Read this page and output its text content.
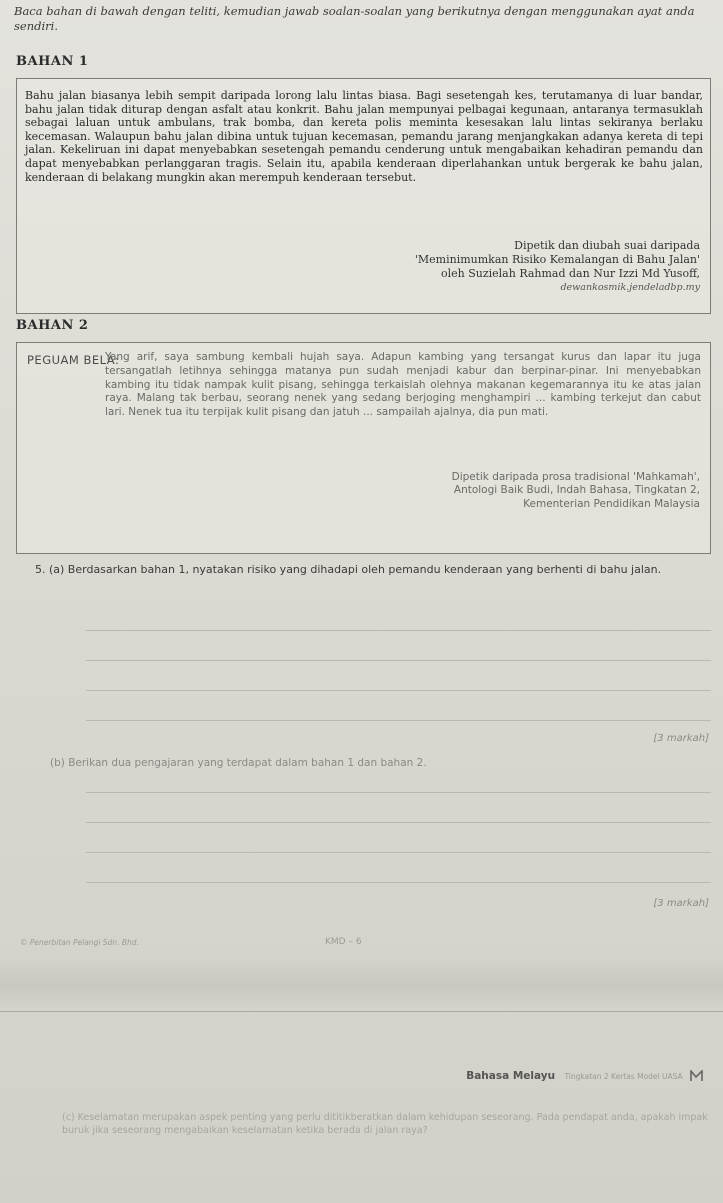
Baca bahan di bawah dengan teliti, kemudian jawab soalan-soalan yang berikutnya dengan menggunakan ayat anda sendiri.
BAHAN 1

Bahu jalan biasanya lebih sempit daripada lorong lalu lintas biasa. Bagi sesetengah kes, terutamanya di luar bandar, bahu jalan tidak diturap dengan asfalt atau konkrit. Bahu jalan mempunyai pelbagai kegunaan, antaranya termasuklah sebagai laluan untuk ambulans, trak bomba, dan kereta polis meminta kesesakan lalu lintas sekiranya berlaku kecemasan. Walaupun bahu jalan dibina untuk tujuan kecemasan, pemandu jarang menjangkakan adanya kereta di tepi jalan. Kekeliruan ini dapat menyebabkan sesetengah pemandu cenderung untuk mengabaikan kehadiran pemandu dan dapat menyebabkan perlanggaran tragis. Selain itu, apabila kenderaan diperlahankan untuk bergerak ke bahu jalan, kenderaan di belakang mungkin akan merempuh kenderaan tersebut.

Dipetik dan diubah suai daripada
'Meminimumkan Risiko Kemalangan di Bahu Jalan'
oleh Suzielah Rahmad dan Nur Izzi Md Yusoff,
dewankosmik.jendeladbp.my
BAHAN 2
PEGUAM BELA:

Yang arif, saya sambung kembali hujah saya. Adapun kambing yang tersangat kurus dan lapar itu juga tersangatlah letihnya sehingga matanya pun sudah menjadi kabur dan berpinar-pinar. Ini menyebabkan kambing itu tidak nampak kulit pisang, sehingga terkaislah olehnya makanan kegemarannya itu ke atas jalan raya. Malang tak berbau, seorang nenek yang sedang berjoging menghampiri ... kambing terkejut dan cabut lari. Nenek tua itu terpijak kulit pisang dan jatuh ... sampailah ajalnya, dia pun mati.

Dipetik daripada prosa tradisional 'Mahkamah',
Antologi Baik Budi, Indah Bahasa, Tingkatan 2,
Kementerian Pendidikan Malaysia
5. (a) Berdasarkan bahan 1, nyatakan risiko yang dihadapi oleh pemandu kenderaan yang berhenti di bahu jalan.
[3 markah]
(b) Berikan dua pengajaran yang terdapat dalam bahan 1 dan bahan 2.
[3 markah]
© Penerbitan Pelangi Sdn. Bhd.	KMD – 6
Bahasa Melayu Tingkatan 2 Kertas Model UASA
(c) Keselamatan merupakan aspek penting yang perlu dititikberatkan dalam kehidupan seseorang. Pada pendapat anda, apakah impak buruk jika seseorang mengabaikan keselamatan ketika berada di jalan raya?
